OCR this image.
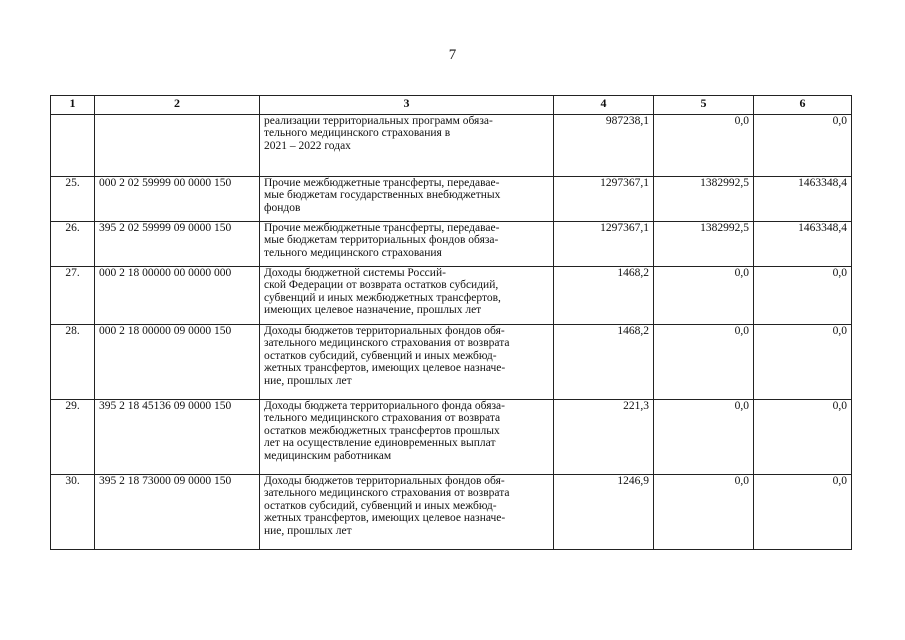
7
1	2	3	4	5	6

		реализации территориальных программ обяза-
тельного медицинского страхования в
2021 – 2022 годах	987238,1	0,0	0,0
25.	000 2 02 59999 00 0000 150	Прочие межбюджетные трансферты, передавае-
мые бюджетам государственных внебюджетных
фондов	1297367,1	1382992,5	1463348,4
26.	395 2 02 59999 09 0000 150	Прочие межбюджетные трансферты, передавае-
мые бюджетам территориальных фондов обяза-
тельного медицинского страхования	1297367,1	1382992,5	1463348,4
27.	000 2 18 00000 00 0000 000	Доходы бюджетной системы Россий-
ской Федерации от возврата остатков субсидий,
субвенций и иных межбюджетных трансфертов,
имеющих целевое назначение, прошлых лет	1468,2	0,0	0,0
28.	000 2 18 00000 09 0000 150	Доходы бюджетов территориальных фондов обя-
зательного медицинского страхования от возврата
остатков субсидий, субвенций и иных межбюд-
жетных трансфертов, имеющих целевое назначе-
ние, прошлых лет	1468,2	0,0	0,0
29.	395 2 18 45136 09 0000 150	Доходы бюджета территориального фонда обяза-
тельного медицинского страхования от возврата
остатков межбюджетных трансфертов прошлых
лет на осуществление единовременных выплат
медицинским работникам	221,3	0,0	0,0
30.	395 2 18 73000 09 0000 150	Доходы бюджетов территориальных фондов обя-
зательного медицинского страхования от возврата
остатков субсидий, субвенций и иных межбюд-
жетных трансфертов, имеющих целевое назначе-
ние, прошлых лет	1246,9	0,0	0,0
